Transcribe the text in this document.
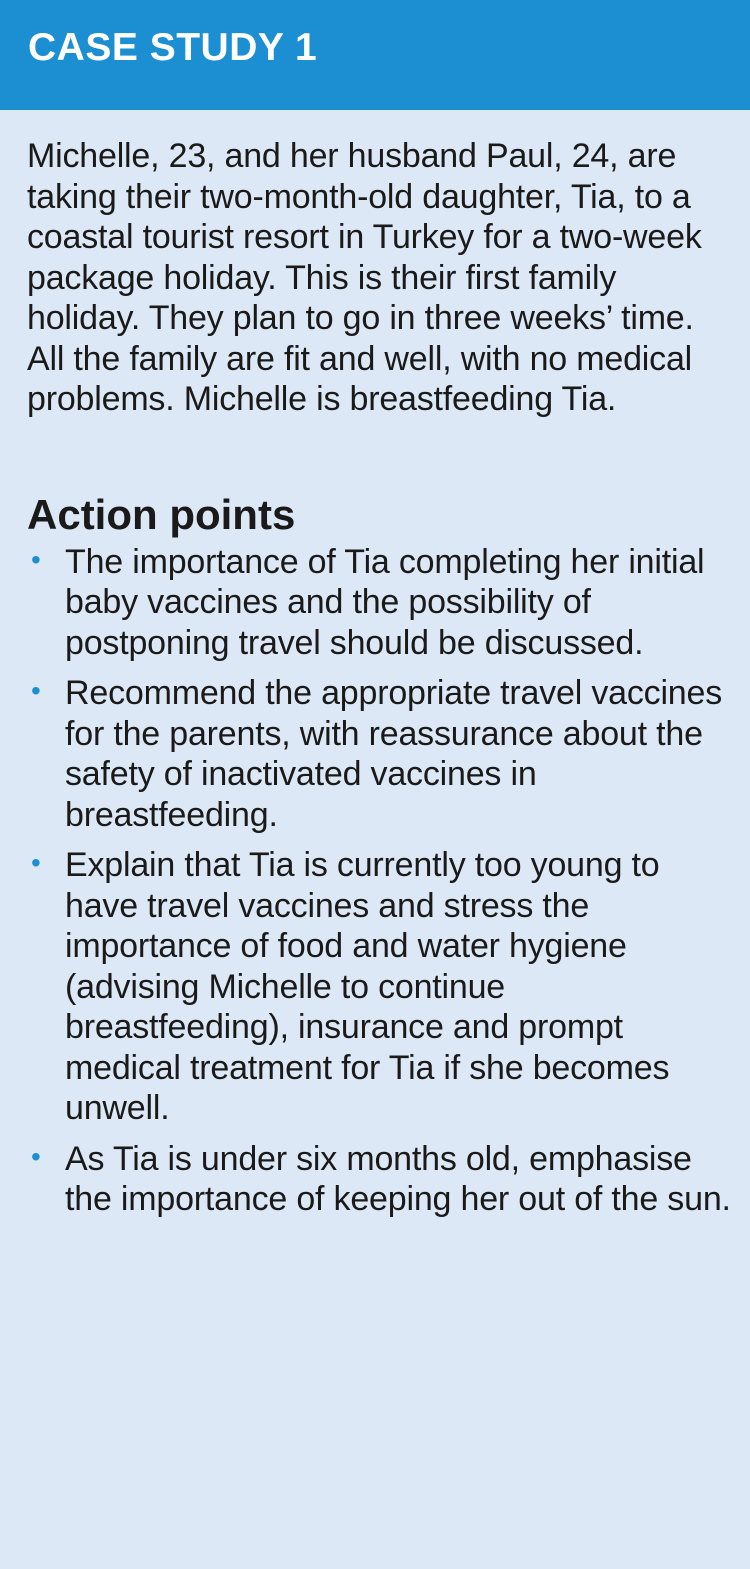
CASE STUDY 1

Michelle, 23, and her husband Paul, 24, are taking their two-month-old daughter, Tia, to a coastal tourist resort in Turkey for a two-week package holiday. This is their first family holiday. They plan to go in three weeks’ time. All the family are fit and well, with no medical problems. Michelle is breastfeeding Tia.

Action points
• The importance of Tia completing her initial baby vaccines and the possibility of postponing travel should be discussed.
• Recommend the appropriate travel vaccines for the parents, with reassurance about the safety of inactivated vaccines in breastfeeding.
• Explain that Tia is currently too young to have travel vaccines and stress the importance of food and water hygiene (advising Michelle to continue breastfeeding), insurance and prompt medical treatment for Tia if she becomes unwell.
• As Tia is under six months old, emphasise the importance of keeping her out of the sun.
